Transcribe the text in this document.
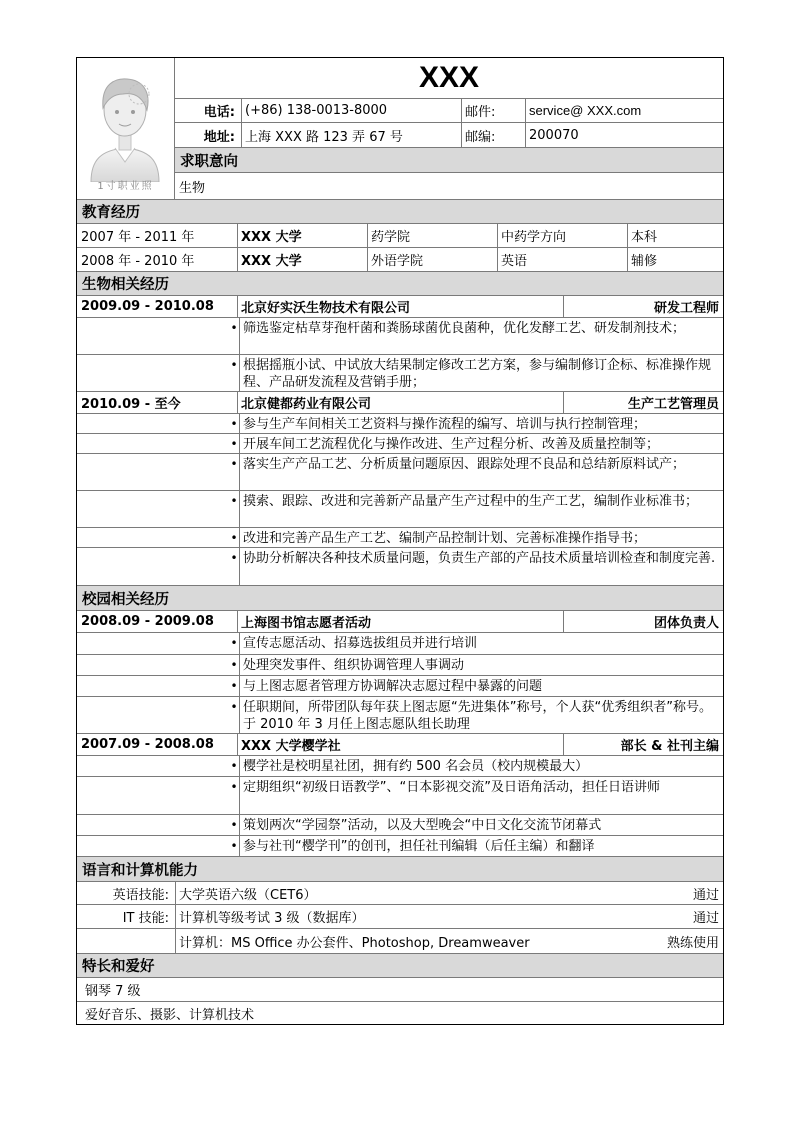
1寸职业照
XXX
电话: (+86) 138-0013-8000	邮件:	service@ XXX.com
地址: 上海 XXX 路 123 弄 67 号	邮编:	200070
求职意向
生物
教育经历
2007 年 - 2011 年	XXX 大学	药学院	中药学方向	本科
2008 年 - 2010 年	XXX 大学	外语学院	英语	辅修
生物相关经历
2009.09 - 2010.08	北京好实沃生物技术有限公司	研发工程师
• 筛选鉴定枯草芽孢杆菌和粪肠球菌优良菌种，优化发酵工艺、研发制剂技术；
• 根据摇瓶小试、中试放大结果制定修改工艺方案，参与编制修订企标、标准操作规程、产品研发流程及营销手册；
2010.09 - 至今	北京健都药业有限公司	生产工艺管理员
• 参与生产车间相关工艺资料与操作流程的编写、培训与执行控制管理；
• 开展车间工艺流程优化与操作改进、生产过程分析、改善及质量控制等；
• 落实生产产品工艺、分析质量问题原因、跟踪处理不良品和总结新原料试产；
• 摸索、跟踪、改进和完善新产品量产生产过程中的生产工艺，编制作业标准书；
• 改进和完善产品生产工艺、编制产品控制计划、完善标准操作指导书；
• 协助分析解决各种技术质量问题，负责生产部的产品技术质量培训检查和制度完善.
校园相关经历
2008.09 - 2009.08	上海图书馆志愿者活动	团体负责人
• 宣传志愿活动、招募选拔组员并进行培训
• 处理突发事件、组织协调管理人事调动
• 与上图志愿者管理方协调解决志愿过程中暴露的问题
• 任职期间，所带团队每年获上图志愿“先进集体”称号，个人获“优秀组织者”称号。于 2010 年 3 月任上图志愿队组长助理
2007.09 - 2008.08	XXX 大学樱学社	部长 & 社刊主编
• 樱学社是校明星社团，拥有约 500 名会员（校内规模最大）
• 定期组织“初级日语教学”、“日本影视交流”及日语角活动，担任日语讲师
• 策划两次“学园祭”活动，以及大型晚会“中日文化交流节闭幕式
• 参与社刊“樱学刊”的创刊，担任社刊编辑（后任主编）和翻译
语言和计算机能力
英语技能: 大学英语六级（CET6）	通过
IT 技能: 计算机等级考试 3 级（数据库）	通过
计算机：MS Office 办公套件、Photoshop, Dreamweaver	熟练使用
特长和爱好
钢琴 7 级
爱好音乐、摄影、计算机技术
